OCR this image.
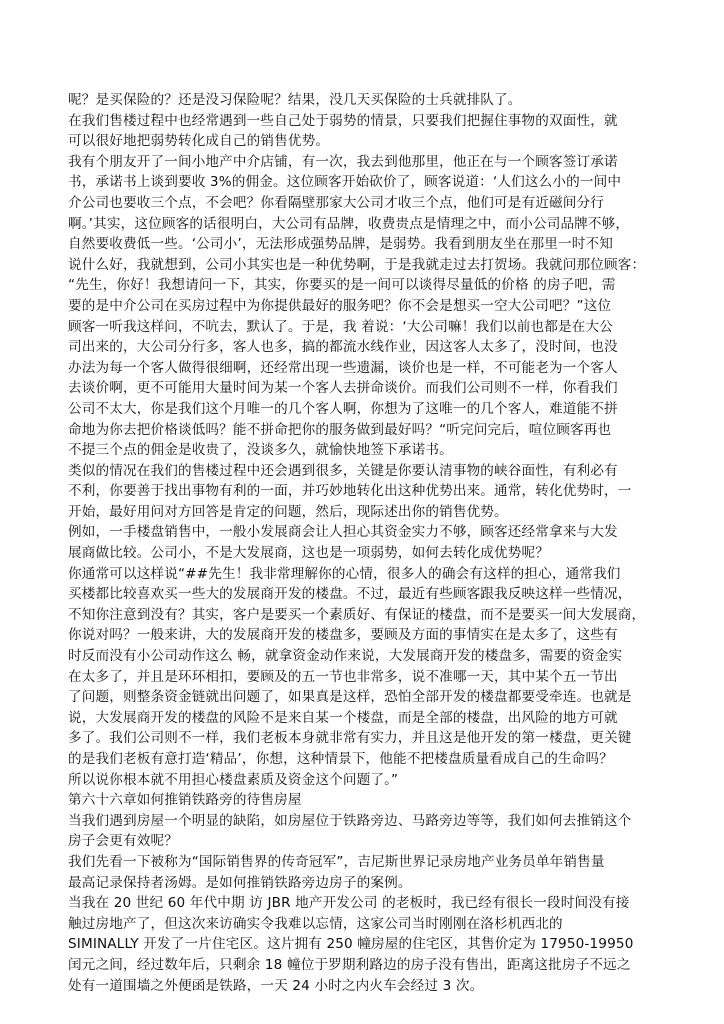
呢？是买保险的？还是没习保险呢？结果，没几天买保险的士兵就排队了。
在我们售楼过程中也经常遇到一些自己处于弱势的情景，只要我们把握住事物的双面性，就
可以很好地把弱势转化成自己的销售优势。
我有个朋友开了一间小地产中介店铺，有一次，我去到他那里，他正在与一个顾客签订承诺
书，承诺书上谈到要收 3%的佣金。这位顾客开始砍价了，顾客说道：‘人们这么小的一间中
介公司也要收三个点，不会吧？你看隔壁那家大公司才收三个点，他们可是有近磁间分行
啊。’其实，这位顾客的话很明白，大公司有品牌，收费贵点是情理之中，而小公司品牌不够，
自然要收费低一些。‘公司小’，无法形成强势品牌，是弱势。我看到朋友坐在那里一时不知
说什么好，我就想到，公司小其实也是一种优势啊，于是我就走过去打贺场。我就问那位顾客：
“先生，你好！我想请问一下，其实，你要买的是一间可以谈得尽量低的价格 的房子吧，需
要的是中介公司在买房过程中为你提供最好的服务吧？你不会是想买一空大公司吧？”这位
顾客一听我这样问，不吭去，默认了。于是，我 着说：‘大公司嘛！我们以前也都是在大公
司出来的，大公司分行多，客人也多，搞的都流水线作业，因这客人太多了，没时间，也没
办法为每一个客人做得很细啊，还经常出现一些遗漏，谈价也是一样，不可能老为一个客人
去谈价啊，更不可能用大量时间为某一个客人去拼命谈价。而我们公司则不一样，你看我们
公司不太大，你是我们这个月唯一的几个客人啊，你想为了这唯一的几个客人，难道能不拼
命地为你去把价格谈低吗？能不拼命把你的服务做到最好吗？“听完问完后，喧位顾客再也
不提三个点的佣金是收贵了，没谈多久，就愉快地签下承诺书。
类似的情况在我们的售楼过程中还会遇到很多，关键是你要认清事物的峡谷面性，有利必有
不利，你要善于找出事物有利的一面，并巧妙地转化出这种优势出来。通常，转化优势时，一
开始，最好用问对方回答是肯定的问题，然后，现际述出你的销售优势。
例如，一手楼盘销售中，一般小发展商会让人担心其资金实力不够，顾客还经常拿来与大发
展商做比较。公司小，不是大发展商，这也是一项弱势，如何去转化成优势呢？
你通常可以这样说“##先生！我非常理解你的心情，很多人的确会有这样的担心，通常我们
买楼都比较喜欢买一些大的发展商开发的楼盘。不过，最近有些顾客跟我反映这样一些情况，
不知你注意到没有？其实，客户是要买一个素质好、有保证的楼盘，而不是要买一间大发展商，
你说对吗？一般来讲，大的发展商开发的楼盘多，要顾及方面的事情实在是太多了，这些有
时反而没有小公司动作这么 畅，就拿资金动作来说，大发展商开发的楼盘多，需要的资金实
在太多了，并且是环环相扣，要顾及的五一节也非常多，说不准哪一天，其中某个五一节出
了问题，则整条资金链就出问题了，如果真是这样，恐怕全部开发的楼盘都要受牵连。也就是
说，大发展商开发的楼盘的风险不是来自某一个楼盘，而是全部的楼盘，出风险的地方可就
多了。我们公司则不一样，我们老板本身就非常有实力，并且这是他开发的第一楼盘，更关键
的是我们老板有意打造‘精品’，你想，这种情景下，他能不把楼盘质量看成自己的生命吗？
所以说你根本就不用担心楼盘素质及资金这个问题了。”
第六十六章如何推销铁路旁的待售房屋
当我们遇到房屋一个明显的缺陷，如房屋位于铁路旁边、马路旁边等等，我们如何去推销这个
房子会更有效呢？
我们先看一下被称为“国际销售界的传奇冠军”，吉尼斯世界记录房地产业务员单年销售量
最高记录保持者汤姆。是如何推销铁路旁边房子的案例。
当我在 20 世纪 60 年代中期 访 JBR 地产开发公司 的老板时，我已经有很长一段时间没有接
触过房地产了，但这次来访确实令我难以忘情，这家公司当时刚刚在洛杉机西北的
SIMINALLY 开发了一片住宅区。这片拥有 250 幢房屋的住宅区，其售价定为 17950-19950
闰元之间，经过数年后，只剩余 18 幢位于罗期利路边的房子没有售出，距离这批房子不远之
处有一道围墙之外便函是铁路，一天 24 小时之内火车会经过 3 次。
